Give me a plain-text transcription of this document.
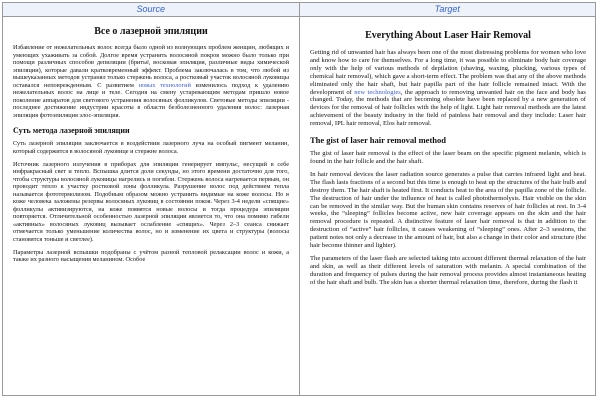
Source	Target
Все о лазерной эпиляции

Избавление от нежелательных волос всегда было одной из волнующих проблем женщин, любящих и умеющих ухаживать за собой. Долгое время устранить волосяной покров можно было только при помощи различных способов депиляции (бритьё, восковая эпиляция, различные виды химической эпиляции), которые давали кратковременный эффект. Проблема заключалась в том, что любой из вышеуказанных методов устранял только стержень волоса, а ростковый участок волосяной луковицы оставался неповрежденным. С развитием новых технологий изменилось подход к удалению нежелательных волос на лице и теле. Сегодня на смену устаревающим методам пришло новое поколение аппаратов для светового устранения волосяных фолликулов. Световые методы эпиляции - последнее достижение индустрии красоты в области безболезненного удаления волос: лазерная эпиляция фотоэпиляция элос-эпиляция.

Суть метода лазерной эпиляции

Суть лазерной эпиляции заключается в воздействии лазерного луча на особый пигмент меланин, который содержится в волосяной луковице и стержне волоса.

Источник лазерного излучения в приборах для эпиляции генерирует импульс, несущий в себе инфракрасный свет и тепло. Вспышка длится доли секунды, но этого времени достаточно для того, чтобы структуры волосяной луковицы нагрелись и погибли. Стержень волоса нагревается первым, он проводит тепло к участку ростковой зоны фолликула. Разрушение волос под действием тепла называется фототермолизом. Подобным образом можно устранить видимые на коже волосы. Но в коже человека заложены резервы волосяных луковиц в состоянии покоя. Через 3-4 недели «спящие» фолликулы активизируются, на коже появятся новые волосы и тогда процедура эпиляции повторяется. Отличительной особенностью лазерной эпиляции является то, что она помимо гибели «активных» волосяных луковиц вызывает ослабление «спящих». Через 2–3 сеанса снижает отмечается только уменьшение количества волос, но и изменение их цвета и структуры (волосы становятся тоньше и светлее).

Параметры лазерной вспышки подобраны с учётом разной тепловой релаксации волос и кожи, а также их разного насыщения меланином. Особое

Everything About Laser Hair Removal

Getting rid of unwanted hair has always been one of the most distressing problems for women who love and know how to care for themselves. For a long time, it was possible to eliminate body hair coverage only with the help of various methods of depilation (shaving, waxing, plucking, various types of chemical hair removal), which gave a short-term effect. The problem was that any of the above methods eliminated only the hair shaft, but hair papilla part of the hair follicle remained intact. With the development of new technologies, the approach to removing unwanted hair on the face and body has changed. Today, the methods that are becoming obsolete have been replaced by a new generation of devices for the removal of hair follicles with the help of light. Light hair removal methods are the latest achievement of the beauty industry in the field of painless hair removal and they include: Laser hair removal, IPL hair removal, Elos hair removal.

The gist of laser hair removal method

The gist of laser hair removal is the effect of the laser beam on the specific pigment melanin, which is found in the hair follicle and the hair shaft.

In hair removal devices the laser radiation source generates a pulse that carries infrared light and heat. The flash lasts fractions of a second but this time is enough to heat up the structures of the hair bulb and destroy them. The hair shaft is heated first. It conducts heat to the area of the papilla zone of the follicle. The destruction of hair under the influence of heat is called photothermolysis. Hair visible on the skin can be removed in the similar way. But the human skin contains reserves of hair follicles at rest. In 3-4 weeks, the “sleeping” follicles become active, new hair coverage appears on the skin and the hair removal procedure is repeated. A distinctive feature of laser hair removal is that in addition to the destruction of “active” hair follicles, it causes weakening of “sleeping” ones. After 2–3 sessions, the patient notes not only a decrease in the amount of hair, but also a change in their color and structure (the hair become thinner and lighter).

The parameters of the laser flash are selected taking into account different thermal relaxation of the hair and skin, as well as their different levels of saturation with melanin. A special combination of the duration and frequency of pulses during the hair removal process provides almost instantaneous heating of the hair shaft and bulb. The skin has a shorter thermal relaxation time, therefore, during the flash it
